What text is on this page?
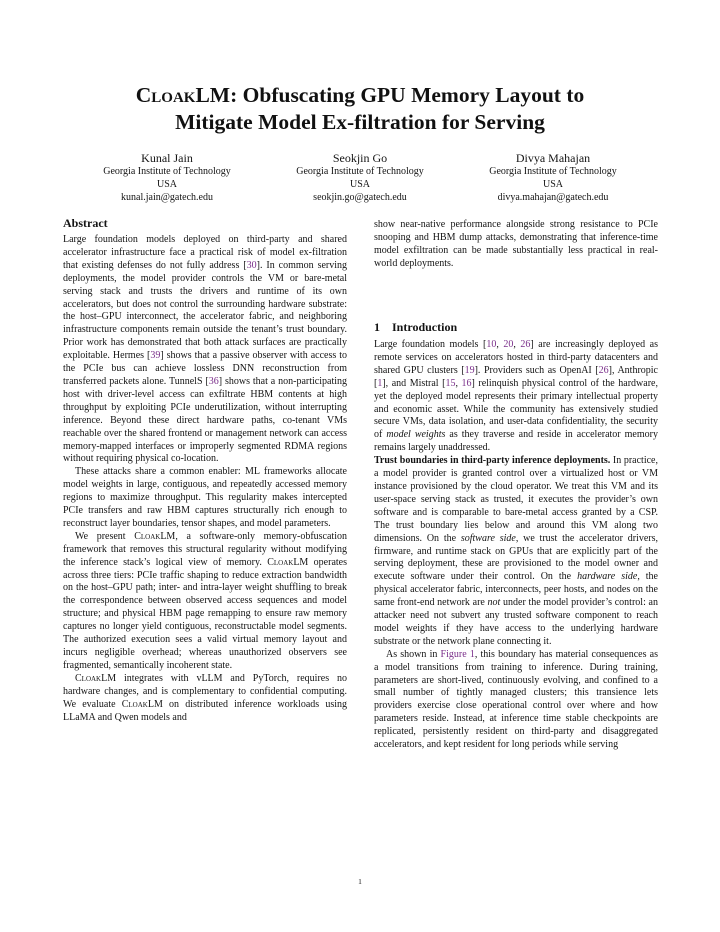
CloakLM: Obfuscating GPU Memory Layout to
Mitigate Model Ex-filtration for Serving
Kunal Jain
Georgia Institute of Technology
USA
kunal.jain@gatech.edu
Seokjin Go
Georgia Institute of Technology
USA
seokjin.go@gatech.edu
Divya Mahajan
Georgia Institute of Technology
USA
divya.mahajan@gatech.edu
Abstract

Large foundation models deployed on third-party and shared accelerator infrastructure face a practical risk of model ex-filtration that existing defenses do not fully address [30]. In common serving deployments, the model provider controls the VM or bare-metal serving stack and trusts the drivers and runtime of its own accelerators, but does not control the surrounding hardware substrate: the host–GPU interconnect, the accelerator fabric, and neighboring infrastructure components remain outside the tenant’s trust boundary. Prior work has demonstrated that both attack surfaces are practically exploitable. Hermes [39] shows that a passive observer with access to the PCIe bus can achieve lossless DNN reconstruction from transferred packets alone. TunnelS [36] shows that a non-participating host with driver-level access can exfiltrate HBM contents at high throughput by exploiting PCIe underutilization, without interrupting inference. Beyond these direct hardware paths, co-tenant VMs reachable over the shared frontend or management network can access memory-mapped interfaces or improperly segmented RDMA regions without requiring physical co-location.

These attacks share a common enabler: ML frameworks allocate model weights in large, contiguous, and repeatedly accessed memory regions to maximize throughput. This regularity makes intercepted PCIe transfers and raw HBM captures structurally rich enough to reconstruct layer boundaries, tensor shapes, and model parameters.

We present CloakLM, a software-only memory-obfuscation framework that removes this structural regularity without modifying the inference stack’s logical view of memory. CloakLM operates across three tiers: PCIe traffic shaping to reduce extraction bandwidth on the host–GPU path; inter- and intra-layer weight shuffling to break the correspondence between observed access sequences and model structure; and physical HBM page remapping to ensure raw memory captures no longer yield contiguous, reconstructable model segments. The authorized execution sees a valid virtual memory layout and incurs negligible overhead; whereas unauthorized observers see fragmented, semantically incoherent state.

CloakLM integrates with vLLM and PyTorch, requires no hardware changes, and is complementary to confidential computing. We evaluate CloakLM on distributed inference workloads using LLaMA and Qwen models and

show near-native performance alongside strong resistance to PCIe snooping and HBM dump attacks, demonstrating that inference-time model exfiltration can be made substantially less practical in real-world deployments.

1 Introduction

Large foundation models [10, 20, 26] are increasingly deployed as remote services on accelerators hosted in third-party datacenters and shared GPU clusters [19]. Providers such as OpenAI [26], Anthropic [1], and Mistral [15, 16] relinquish physical control of the hardware, yet the deployed model represents their primary intellectual property and economic asset. While the community has extensively studied secure VMs, data isolation, and user-data confidentiality, the security of model weights as they traverse and reside in accelerator memory remains largely unaddressed.

Trust boundaries in third-party inference deployments. In practice, a model provider is granted control over a virtualized host or VM instance provisioned by the cloud operator. We treat this VM and its user-space serving stack as trusted, it executes the provider’s own software and is comparable to bare-metal access granted by a CSP. The trust boundary lies below and around this VM along two dimensions. On the software side, we trust the accelerator drivers, firmware, and runtime stack on GPUs that are explicitly part of the serving deployment, these are provisioned to the model owner and execute software under their control. On the hardware side, the physical accelerator fabric, interconnects, peer hosts, and nodes on the same front-end network are not under the model provider’s control: an attacker need not subvert any trusted software component to reach model weights if they have access to the underlying hardware substrate or the network plane connecting it.

As shown in Figure 1, this boundary has material consequences as a model transitions from training to inference. During training, parameters are short-lived, continuously evolving, and confined to a small number of tightly managed clusters; this transience lets providers exercise close operational control over where and how parameters reside. Instead, at inference time stable checkpoints are replicated, persistently resident on third-party and disaggregated accelerators, and kept resident for long periods while serving

1
